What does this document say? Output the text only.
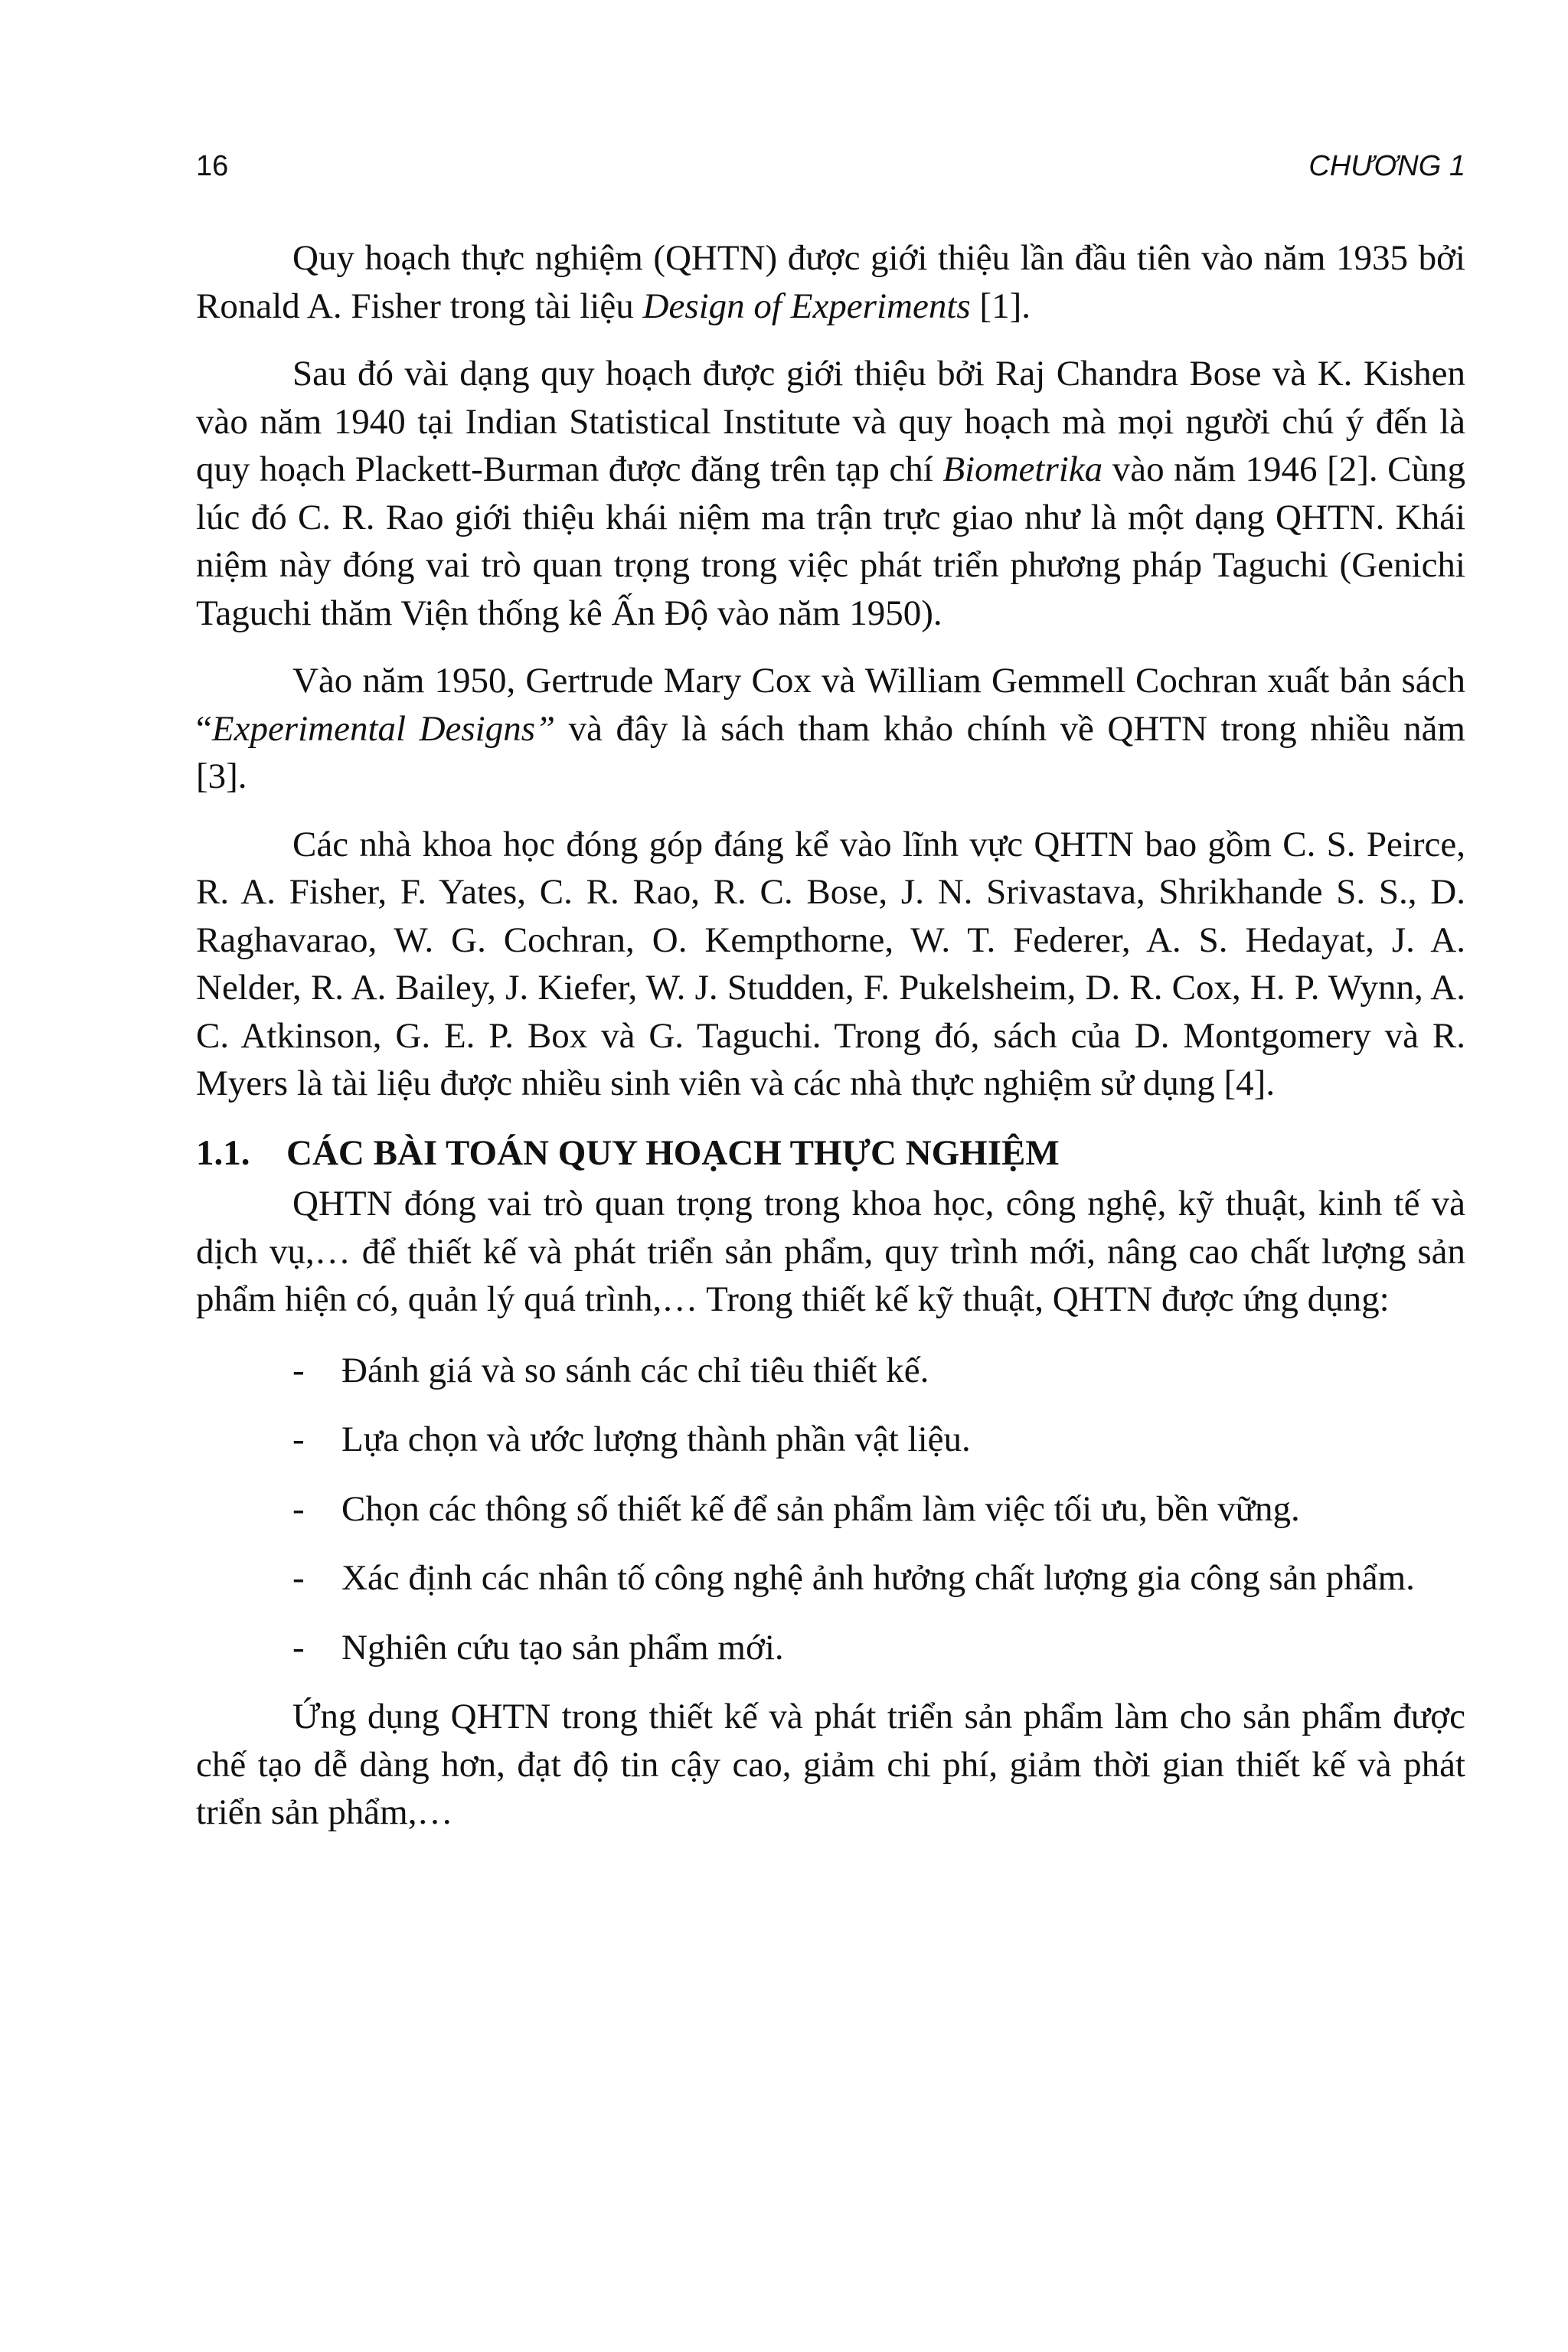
16	CHƯƠNG 1

Quy hoạch thực nghiệm (QHTN) được giới thiệu lần đầu tiên vào năm 1935 bởi Ronald A. Fisher trong tài liệu Design of Experiments [1].

Sau đó vài dạng quy hoạch được giới thiệu bởi Raj Chandra Bose và K. Kishen vào năm 1940 tại Indian Statistical Institute và quy hoạch mà mọi người chú ý đến là quy hoạch Plackett-Burman được đăng trên tạp chí Biometrika vào năm 1946 [2]. Cùng lúc đó C. R. Rao giới thiệu khái niệm ma trận trực giao như là một dạng QHTN. Khái niệm này đóng vai trò quan trọng trong việc phát triển phương pháp Taguchi (Genichi Taguchi thăm Viện thống kê Ấn Độ vào năm 1950).

Vào năm 1950, Gertrude Mary Cox và William Gemmell Cochran xuất bản sách “Experimental Designs” và đây là sách tham khảo chính về QHTN trong nhiều năm [3].

Các nhà khoa học đóng góp đáng kể vào lĩnh vực QHTN bao gồm C. S. Peirce, R. A. Fisher, F. Yates, C. R. Rao, R. C. Bose, J. N. Srivastava, Shrikhande S. S., D. Raghavarao, W. G. Cochran, O. Kempthorne, W. T. Federer, A. S. Hedayat, J. A. Nelder, R. A. Bailey, J. Kiefer, W. J. Studden, F. Pukelsheim, D. R. Cox, H. P. Wynn, A. C. Atkinson, G. E. P. Box và G. Taguchi. Trong đó, sách của D. Montgomery và R. Myers là tài liệu được nhiều sinh viên và các nhà thực nghiệm sử dụng [4].

1.1.	CÁC BÀI TOÁN QUY HOẠCH THỰC NGHIỆM

QHTN đóng vai trò quan trọng trong khoa học, công nghệ, kỹ thuật, kinh tế và dịch vụ,… để thiết kế và phát triển sản phẩm, quy trình mới, nâng cao chất lượng sản phẩm hiện có, quản lý quá trình,… Trong thiết kế kỹ thuật, QHTN được ứng dụng:

- Đánh giá và so sánh các chỉ tiêu thiết kế.
- Lựa chọn và ước lượng thành phần vật liệu.
- Chọn các thông số thiết kế để sản phẩm làm việc tối ưu, bền vững.
- Xác định các nhân tố công nghệ ảnh hưởng chất lượng gia công sản phẩm.
- Nghiên cứu tạo sản phẩm mới.

Ứng dụng QHTN trong thiết kế và phát triển sản phẩm làm cho sản phẩm được chế tạo dễ dàng hơn, đạt độ tin cậy cao, giảm chi phí, giảm thời gian thiết kế và phát triển sản phẩm,…
